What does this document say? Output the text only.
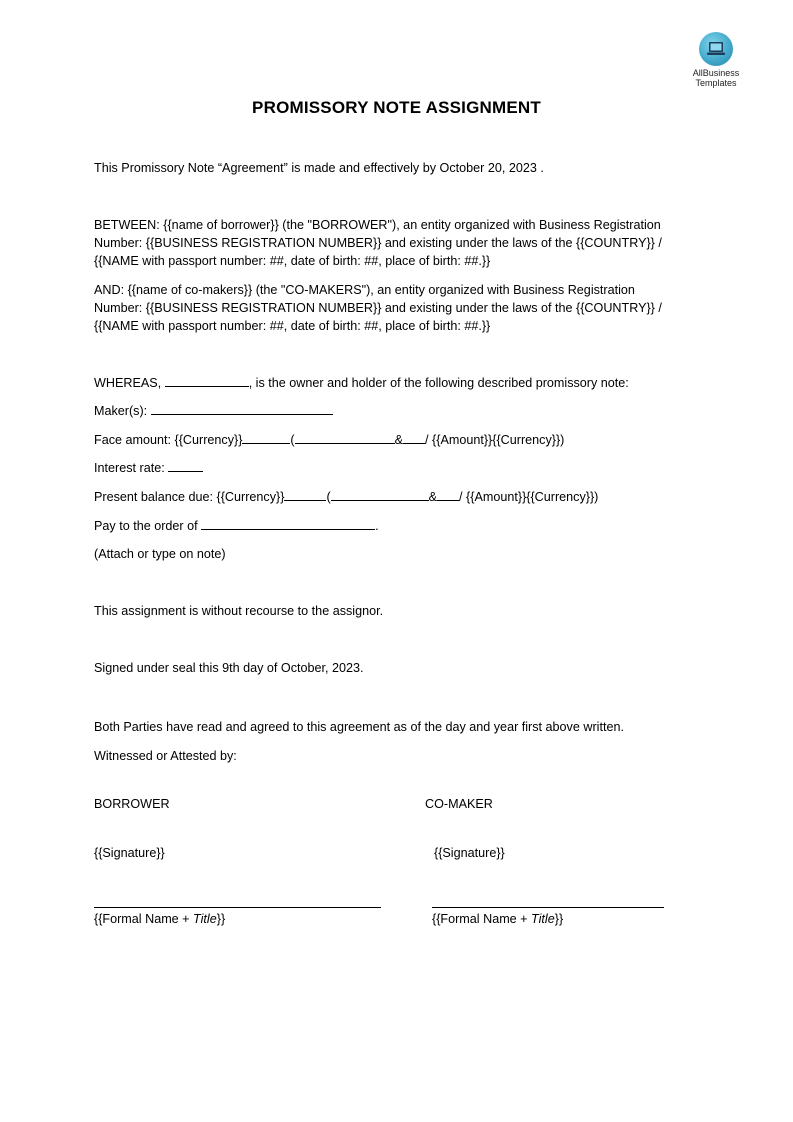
AllBusiness
Templates
PROMISSORY NOTE ASSIGNMENT
This Promissory Note “Agreement” is made and effectively by October 20, 2023 .
BETWEEN: {{name of borrower}} (the "BORROWER"), an entity organized with Business Registration
Number: {{BUSINESS REGISTRATION NUMBER}} and existing under the laws of the {{COUNTRY}} /
{{NAME with passport number: ##, date of birth: ##, place of birth: ##.}}
AND: {{name of co-makers}} (the "CO-MAKERS"), an entity organized with Business Registration
Number: {{BUSINESS REGISTRATION NUMBER}} and existing under the laws of the {{COUNTRY}} /
{{NAME with passport number: ##, date of birth: ##, place of birth: ##.}}
WHEREAS,	, is the owner and holder of the following described promissory note:
Maker(s):
Face amount: {{Currency}}	(	& / {{Amount}}{{Currency}})
Interest rate:
Present balance due: {{Currency}}	(	& / {{Amount}}{{Currency}})
Pay to the order of	.
(Attach or type on note)
This assignment is without recourse to the assignor.
Signed under seal this 9th day of October, 2023.
Both Parties have read and agreed to this agreement as of the day and year first above written.
Witnessed or Attested by:
BORROWER	CO-MAKER
{{Signature}}	{{Signature}}
{{Formal Name + Title}}	{{Formal Name + Title}}
